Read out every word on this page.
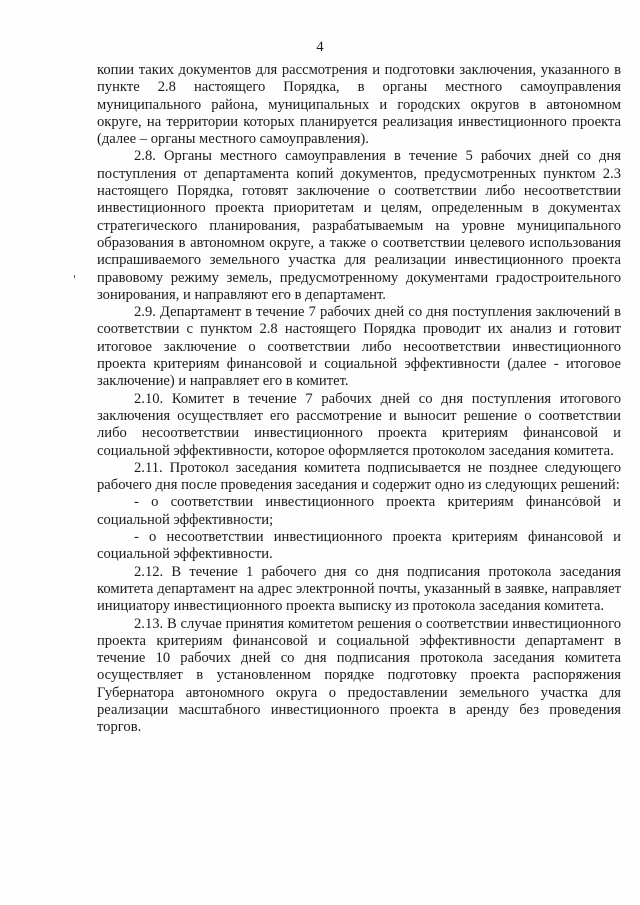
4

копии таких документов для рассмотрения и подготовки заключения, указанного в пункте 2.8 настоящего Порядка, в органы местного самоуправления муниципального района, муниципальных и городских округов в автономном округе, на территории которых планируется реализация инвестиционного проекта (далее – органы местного самоуправления).

2.8. Органы местного самоуправления в течение 5 рабочих дней со дня поступления от департамента копий документов, предусмотренных пунктом 2.3 настоящего Порядка, готовят заключение о соответствии либо несоответствии инвестиционного проекта приоритетам и целям, определенным в документах стратегического планирования, разрабатываемым на уровне муниципального образования в автономном округе, а также о соответствии целевого использования испрашиваемого земельного участка для реализации инвестиционного проекта правовому режиму земель, предусмотренному документами градостроительного зонирования, и направляют его в департамент.

2.9. Департамент в течение 7 рабочих дней со дня поступления заключений в соответствии с пунктом 2.8 настоящего Порядка проводит их анализ и готовит итоговое заключение о соответствии либо несоответствии инвестиционного проекта критериям финансовой и социальной эффективности (далее - итоговое заключение) и направляет его в комитет.

2.10. Комитет в течение 7 рабочих дней со дня поступления итогового заключения осуществляет его рассмотрение и выносит решение о соответствии либо несоответствии инвестиционного проекта критериям финансовой и социальной эффективности, которое оформляется протоколом заседания комитета.

2.11. Протокол заседания комитета подписывается не позднее следующего рабочего дня после проведения заседания и содержит одно из следующих решений:

- о соответствии инвестиционного проекта критериям финансовой и социальной эффективности;

- о несоответствии инвестиционного проекта критериям финансовой и социальной эффективности.

2.12. В течение 1 рабочего дня со дня подписания протокола заседания комитета департамент на адрес электронной почты, указанный в заявке, направляет инициатору инвестиционного проекта выписку из протокола заседания комитета.

2.13. В случае принятия комитетом решения о соответствии инвестиционного проекта критериям финансовой и социальной эффективности департамент в течение 10 рабочих дней со дня подписания протокола заседания комитета осуществляет в установленном порядке подготовку проекта распоряжения Губернатора автономного округа о предоставлении земельного участка для реализации масштабного инвестиционного проекта в аренду без проведения торгов.
